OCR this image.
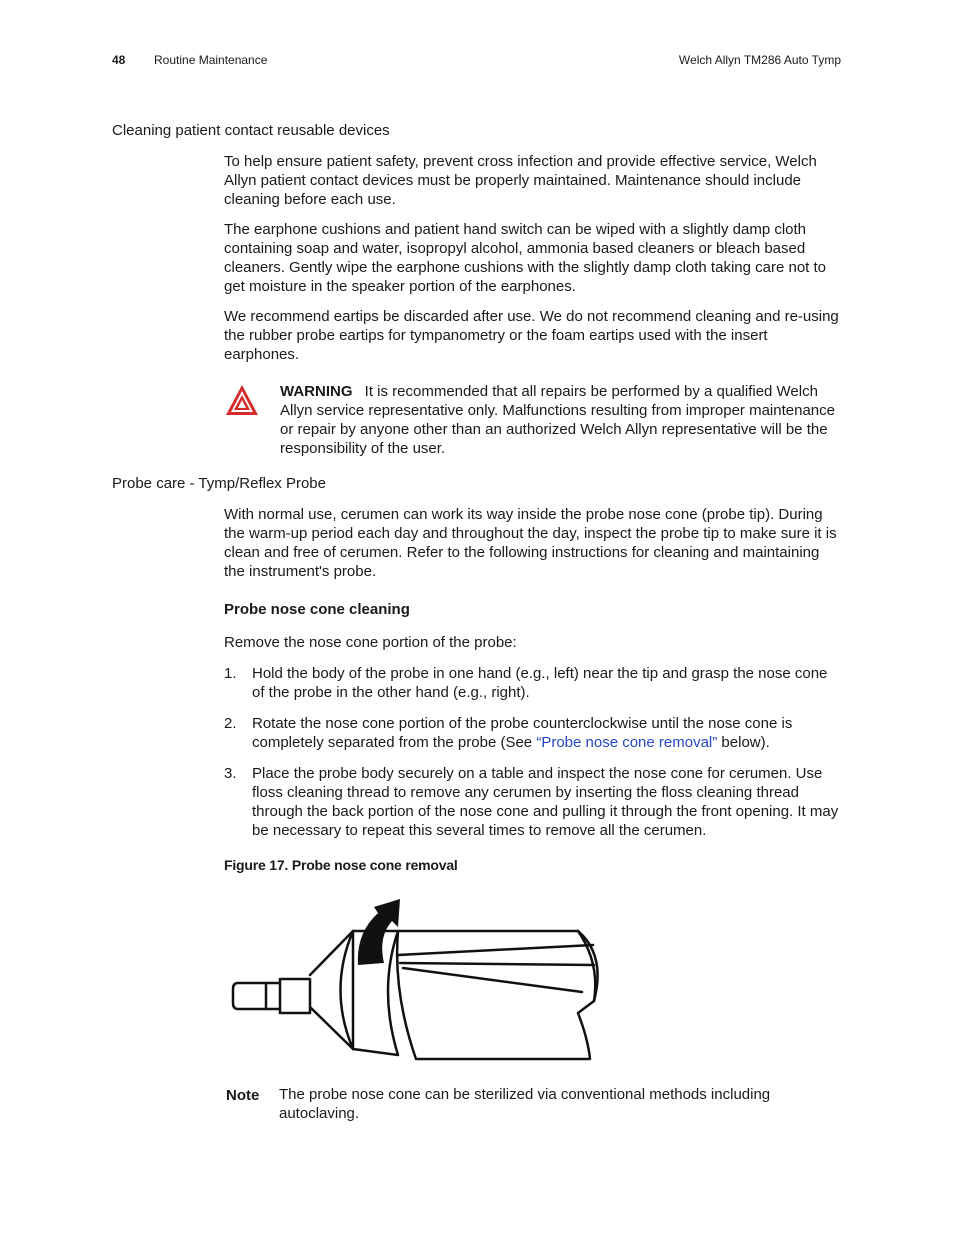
48 Routine Maintenance	Welch Allyn TM286 Auto Tymp
Cleaning patient contact reusable devices

To help ensure patient safety, prevent cross infection and provide effective service, Welch Allyn patient contact devices must be properly maintained. Maintenance should include cleaning before each use.

The earphone cushions and patient hand switch can be wiped with a slightly damp cloth containing soap and water, isopropyl alcohol, ammonia based cleaners or bleach based cleaners. Gently wipe the earphone cushions with the slightly damp cloth taking care not to get moisture in the speaker portion of the earphones.

We recommend eartips be discarded after use. We do not recommend cleaning and re-using the rubber probe eartips for tympanometry or the foam eartips used with the insert earphones.

WARNING It is recommended that all repairs be performed by a qualified Welch Allyn service representative only. Malfunctions resulting from improper maintenance or repair by anyone other than an authorized Welch Allyn representative will be the responsibility of the user.
Probe care - Tymp/Reflex Probe

With normal use, cerumen can work its way inside the probe nose cone (probe tip). During the warm-up period each day and throughout the day, inspect the probe tip to make sure it is clean and free of cerumen. Refer to the following instructions for cleaning and maintaining the instrument's probe.

Probe nose cone cleaning

Remove the nose cone portion of the probe:

1. Hold the body of the probe in one hand (e.g., left) near the tip and grasp the nose cone of the probe in the other hand (e.g., right).
2. Rotate the nose cone portion of the probe counterclockwise until the nose cone is completely separated from the probe (See “Probe nose cone removal” below).
3. Place the probe body securely on a table and inspect the nose cone for cerumen. Use floss cleaning thread to remove any cerumen by inserting the floss cleaning thread through the back portion of the nose cone and pulling it through the front opening. It may be necessary to repeat this several times to remove all the cerumen.
Figure 17. Probe nose cone removal
Note The probe nose cone can be sterilized via conventional methods including autoclaving.
